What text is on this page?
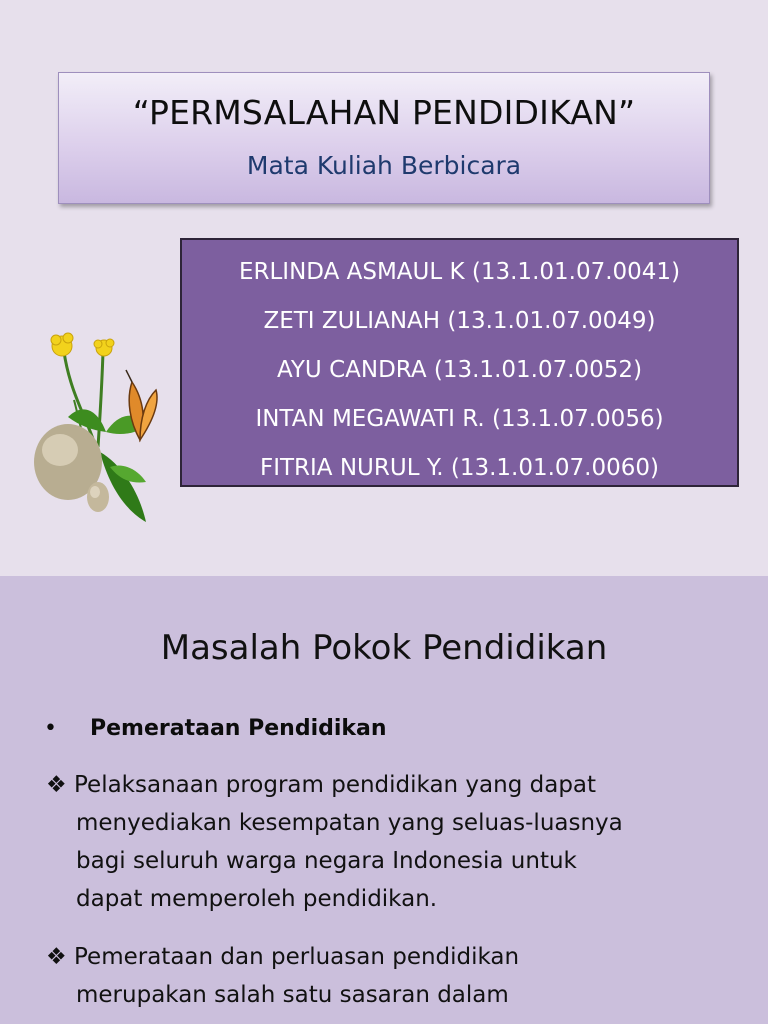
“PERMSALAHAN PENDIDIKAN”
Mata Kuliah Berbicara
ERLINDA ASMAUL K (13.1.01.07.0041)
ZETI ZULIANAH (13.1.01.07.0049)
AYU CANDRA (13.1.01.07.0052)
INTAN MEGAWATI R. (13.1.07.0056)
FITRIA NURUL Y. (13.1.01.07.0060)
Masalah Pokok Pendidikan
• Pemerataan Pendidikan
❖ Pelaksanaan program pendidikan yang dapat
menyediakan kesempatan yang seluas-luasnya
bagi seluruh warga negara Indonesia untuk
dapat memperoleh pendidikan.
❖ Pemerataan dan perluasan pendidikan
merupakan salah satu sasaran dalam
